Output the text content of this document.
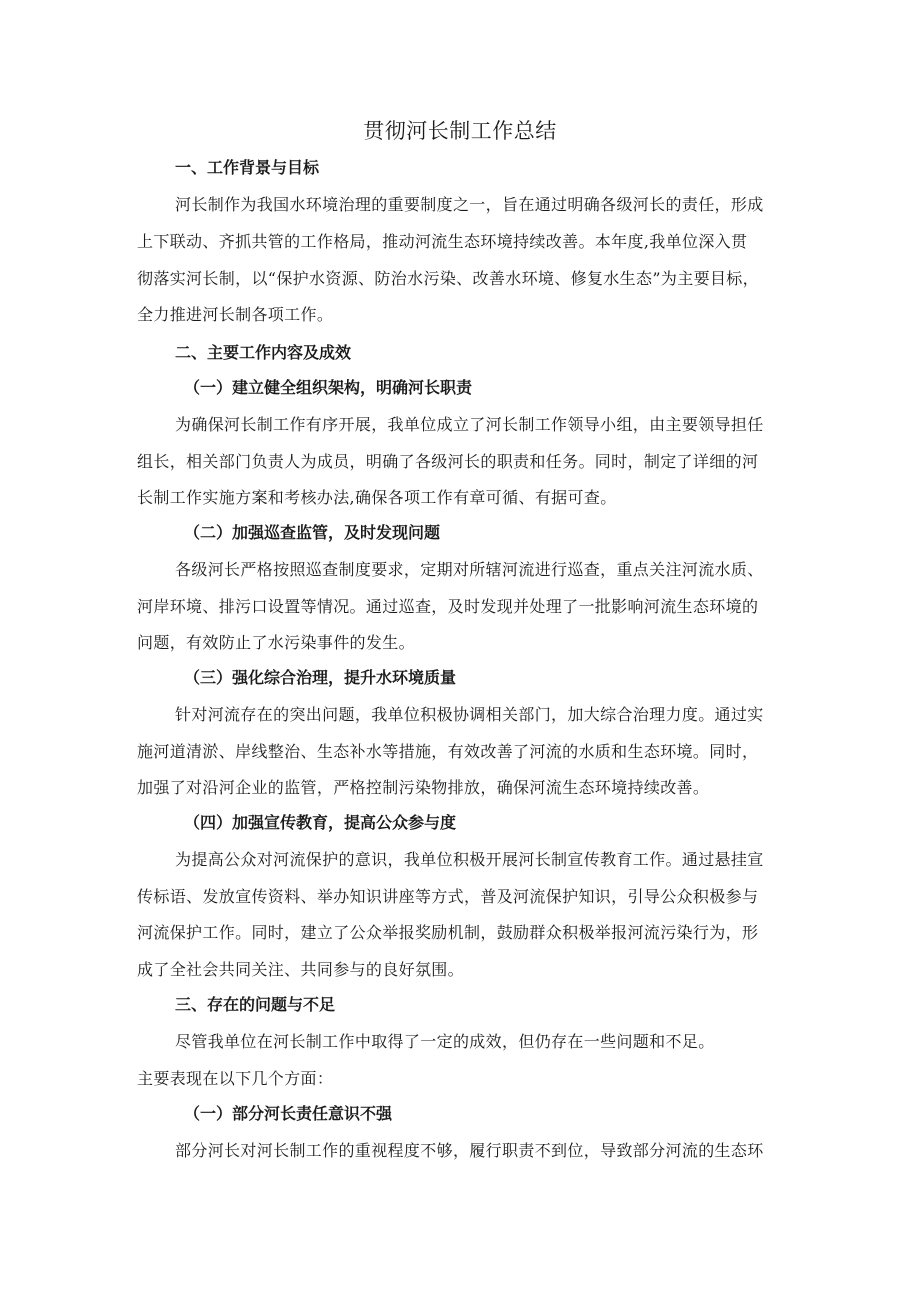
贯彻河长制工作总结
一、工作背景与目标
河长制作为我国水环境治理的重要制度之一，旨在通过明确各级河长的责任，形成
上下联动、齐抓共管的工作格局，推动河流生态环境持续改善。本年度,我单位深入贯
彻落实河长制，以“保护水资源、防治水污染、改善水环境、修复水生态”为主要目标，
全力推进河长制各项工作。
二、主要工作内容及成效
（一）建立健全组织架构，明确河长职责
为确保河长制工作有序开展，我单位成立了河长制工作领导小组，由主要领导担任
组长，相关部门负责人为成员，明确了各级河长的职责和任务。同时，制定了详细的河
长制工作实施方案和考核办法,确保各项工作有章可循、有据可查。
（二）加强巡查监管，及时发现问题
各级河长严格按照巡查制度要求，定期对所辖河流进行巡查，重点关注河流水质、
河岸环境、排污口设置等情况。通过巡查，及时发现并处理了一批影响河流生态环境的
问题，有效防止了水污染事件的发生。
（三）强化综合治理，提升水环境质量
针对河流存在的突出问题，我单位积极协调相关部门，加大综合治理力度。通过实
施河道清淤、岸线整治、生态补水等措施，有效改善了河流的水质和生态环境。同时，
加强了对沿河企业的监管，严格控制污染物排放，确保河流生态环境持续改善。
（四）加强宣传教育，提高公众参与度
为提高公众对河流保护的意识，我单位积极开展河长制宣传教育工作。通过悬挂宣
传标语、发放宣传资料、举办知识讲座等方式，普及河流保护知识，引导公众积极参与
河流保护工作。同时，建立了公众举报奖励机制，鼓励群众积极举报河流污染行为，形
成了全社会共同关注、共同参与的良好氛围。
三、存在的问题与不足
尽管我单位在河长制工作中取得了一定的成效，但仍存在一些问题和不足。
主要表现在以下几个方面：
（一）部分河长责任意识不强
部分河长对河长制工作的重视程度不够，履行职责不到位，导致部分河流的生态环
